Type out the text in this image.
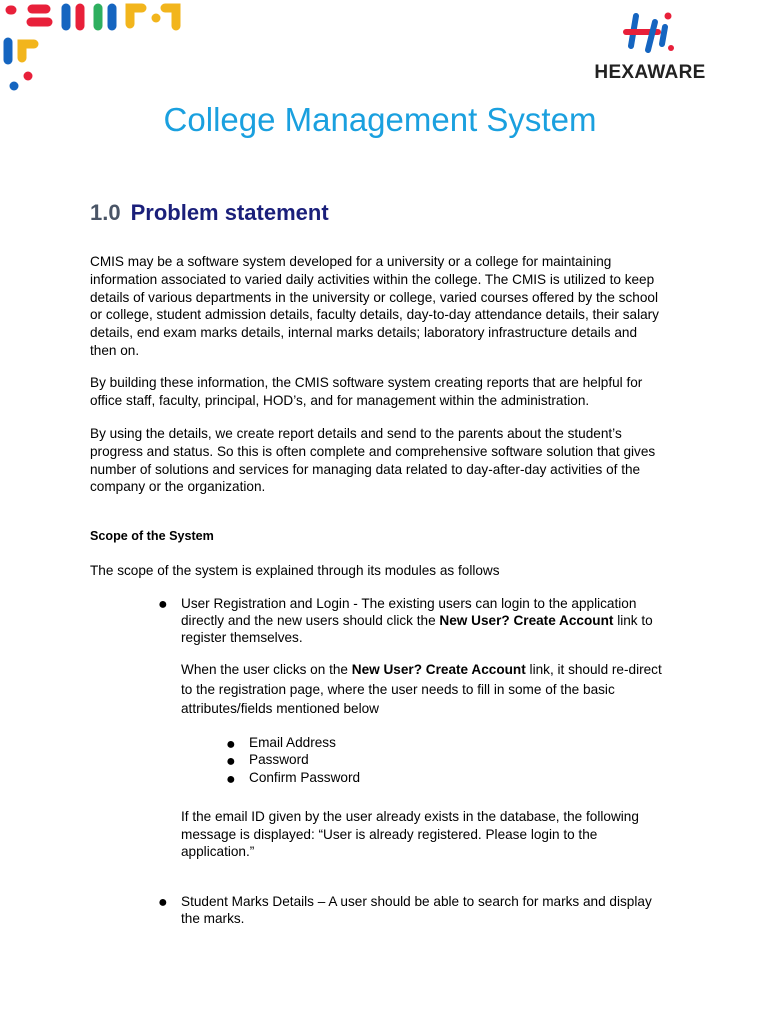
HEXAWARE
College Management System
1.0 Problem statement

CMIS may be a software system developed for a university or a college for maintaining
information associated to varied daily activities within the college. The CMIS is utilized to keep
details of various departments in the university or college, varied courses offered by the school
or college, student admission details, faculty details, day-to-day attendance details, their salary
details, end exam marks details, internal marks details; laboratory infrastructure details and
then on.

By building these information, the CMIS software system creating reports that are helpful for
office staff, faculty, principal, HOD’s, and for management within the administration.

By using the details, we create report details and send to the parents about the student’s
progress and status. So this is often complete and comprehensive software solution that gives
number of solutions and services for managing data related to day-after-day activities of the
company or the organization.

Scope of the System

The scope of the system is explained through its modules as follows

● User Registration and Login - The existing users can login to the application
directly and the new users should click the New User? Create Account link to
register themselves.

When the user clicks on the New User? Create Account link, it should re-direct
to the registration page, where the user needs to fill in some of the basic
attributes/fields mentioned below

● Email Address
● Password
● Confirm Password

If the email ID given by the user already exists in the database, the following
message is displayed: “User is already registered. Please login to the
application.”

● Student Marks Details – A user should be able to search for marks and display
the marks.
